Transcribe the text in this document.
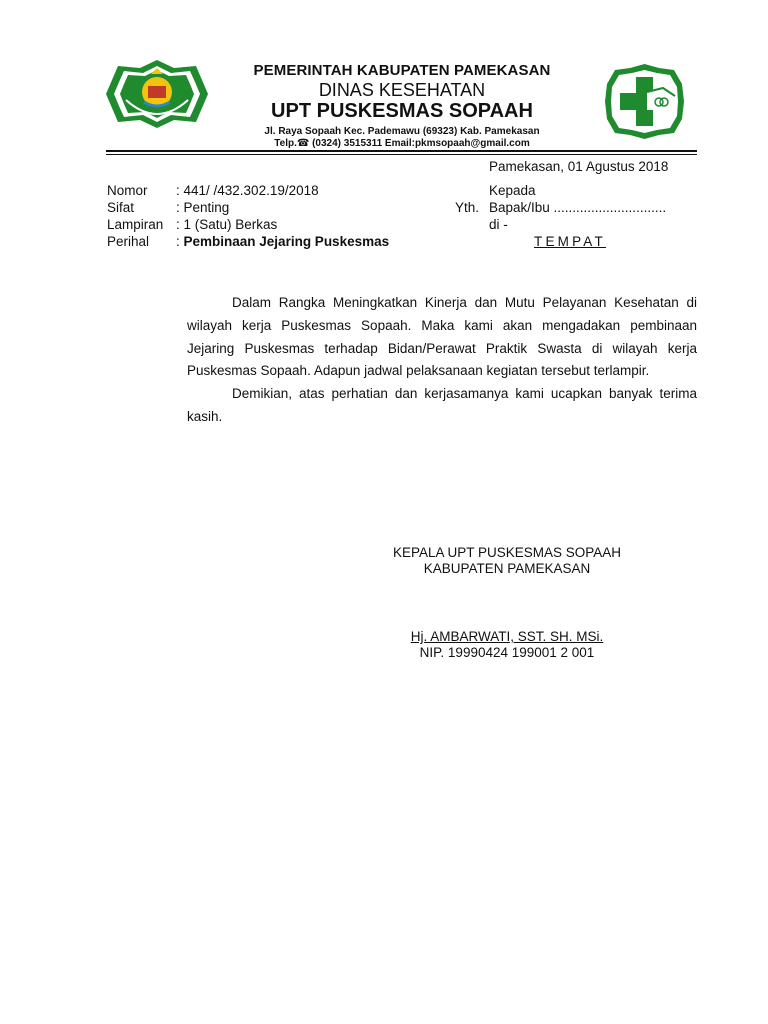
PEMERINTAH KABUPATEN PAMEKASAN
DINAS KESEHATAN
UPT PUSKESMAS SOPAAH
Jl. Raya Sopaah Kec. Pademawu (69323) Kab. Pamekasan
Telp.☎ (0324) 3515311 Email:pkmsopaah@gmail.com
Pamekasan, 01 Agustus 2018
Nomor : 441/ /432.302.19/2018
Sifat	: Penting
Lampiran : 1 (Satu) Berkas
Perihal : Pembinaan Jejaring Puskesmas
Kepada
Yth. Bapak/Ibu ..............................
di -
TEMPAT

Dalam Rangka Meningkatkan Kinerja dan Mutu Pelayanan Kesehatan di wilayah kerja Puskesmas Sopaah. Maka kami akan mengadakan pembinaan Jejaring Puskesmas terhadap Bidan/Perawat Praktik Swasta di wilayah kerja Puskesmas Sopaah. Adapun jadwal pelaksanaan kegiatan tersebut terlampir.

Demikian, atas perhatian dan kerjasamanya kami ucapkan banyak terima kasih.

KEPALA UPT PUSKESMAS SOPAAH
KABUPATEN PAMEKASAN
Hj. AMBARWATI, SST. SH. MSi.
NIP. 19990424 199001 2 001
